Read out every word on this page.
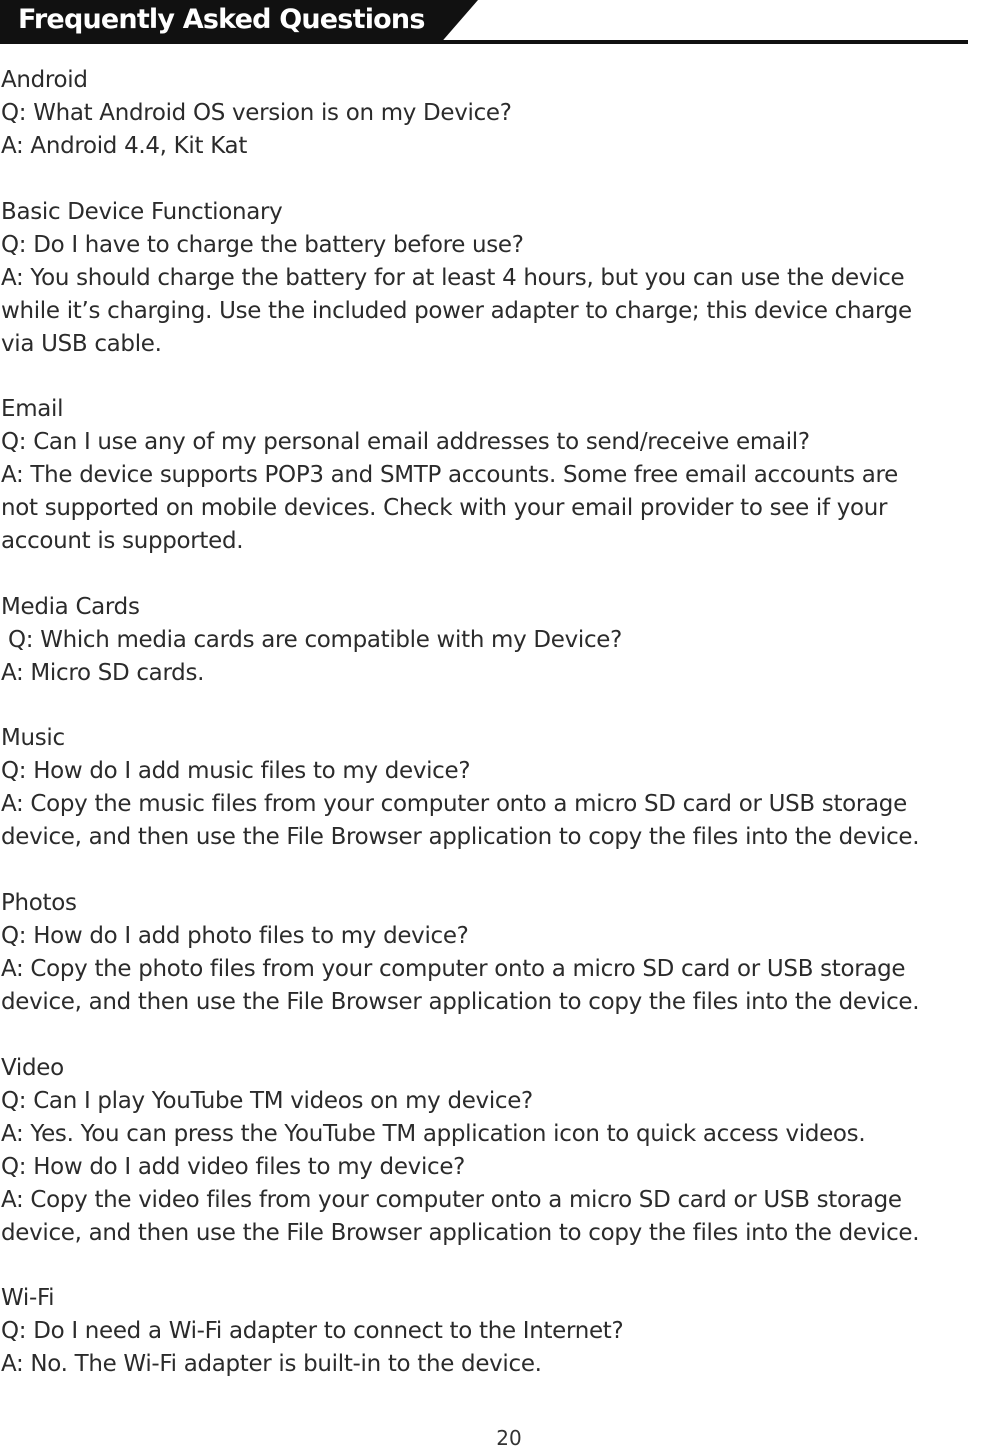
Frequently Asked Questions
Android
Q: What Android OS version is on my Device?
A: Android 4.4, Kit Kat
Basic Device Functionary
Q: Do I have to charge the battery before use?
A: You should charge the battery for at least 4 hours, but you can use the device
while it’s charging. Use the included power adapter to charge; this device charge
via USB cable.
Email
Q: Can I use any of my personal email addresses to send/receive email?
A: The device supports POP3 and SMTP accounts. Some free email accounts are
not supported on mobile devices. Check with your email provider to see if your
account is supported.
Media Cards
Q: Which media cards are compatible with my Device?
A: Micro SD cards.
Music
Q: How do I add music files to my device?
A: Copy the music files from your computer onto a micro SD card or USB storage
device, and then use the File Browser application to copy the files into the device.
Photos
Q: How do I add photo files to my device?
A: Copy the photo files from your computer onto a micro SD card or USB storage
device, and then use the File Browser application to copy the files into the device.
Video
Q: Can I play YouTube TM videos on my device?
A: Yes. You can press the YouTube TM application icon to quick access videos.
Q: How do I add video files to my device?
A: Copy the video files from your computer onto a micro SD card or USB storage
device, and then use the File Browser application to copy the files into the device.
Wi-Fi
Q: Do I need a Wi-Fi adapter to connect to the Internet?
A: No. The Wi-Fi adapter is built-in to the device.
20
